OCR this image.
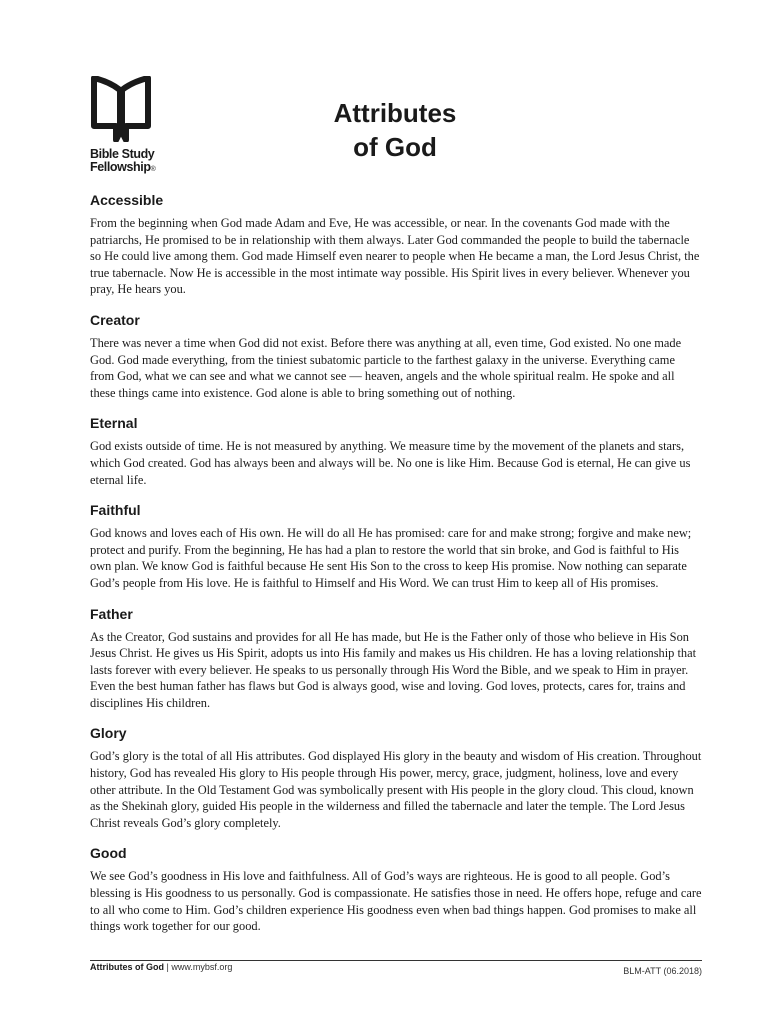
Bible Study
Fellowship®
Attributes
of God
Accessible

From the beginning when God made Adam and Eve, He was accessible, or near. In the covenants God made with the patriarchs, He promised to be in relationship with them always. Later God commanded the people to build the tabernacle so He could live among them. God made Himself even nearer to people when He became a man, the Lord Jesus Christ, the true tabernacle. Now He is accessible in the most intimate way possible. His Spirit lives in every believer. Whenever you pray, He hears you.

Creator

There was never a time when God did not exist. Before there was anything at all, even time, God existed. No one made God. God made everything, from the tiniest subatomic particle to the farthest galaxy in the universe. Everything came from God, what we can see and what we cannot see — heaven, angels and the whole spiritual realm. He spoke and all these things came into existence. God alone is able to bring something out of nothing.

Eternal

God exists outside of time. He is not measured by anything. We measure time by the movement of the planets and stars, which God created. God has always been and always will be. No one is like Him. Because God is eternal, He can give us eternal life.

Faithful

God knows and loves each of His own. He will do all He has promised: care for and make strong; forgive and make new; protect and purify. From the beginning, He has had a plan to restore the world that sin broke, and God is faithful to His own plan. We know God is faithful because He sent His Son to the cross to keep His promise. Now nothing can separate God’s people from His love. He is faithful to Himself and His Word. We can trust Him to keep all of His promises.

Father

As the Creator, God sustains and provides for all He has made, but He is the Father only of those who believe in His Son Jesus Christ. He gives us His Spirit, adopts us into His family and makes us His children. He has a loving relationship that lasts forever with every believer. He speaks to us personally through His Word the Bible, and we speak to Him in prayer. Even the best human father has flaws but God is always good, wise and loving. God loves, protects, cares for, trains and disciplines His children.

Glory

God’s glory is the total of all His attributes. God displayed His glory in the beauty and wisdom of His creation. Throughout history, God has revealed His glory to His people through His power, mercy, grace, judgment, holiness, love and every other attribute. In the Old Testament God was symbolically present with His people in the glory cloud. This cloud, known as the Shekinah glory, guided His people in the wilderness and filled the tabernacle and later the temple. The Lord Jesus Christ reveals God’s glory completely.

Good

We see God’s goodness in His love and faithfulness. All of God’s ways are righteous. He is good to all people. God’s blessing is His goodness to us personally. God is compassionate. He satisfies those in need. He offers hope, refuge and care to all who come to Him. God’s children experience His goodness even when bad things happen. God promises to make all things work together for our good.

Attributes of God | www.mybsf.org	BLM-ATT (06.2018)
